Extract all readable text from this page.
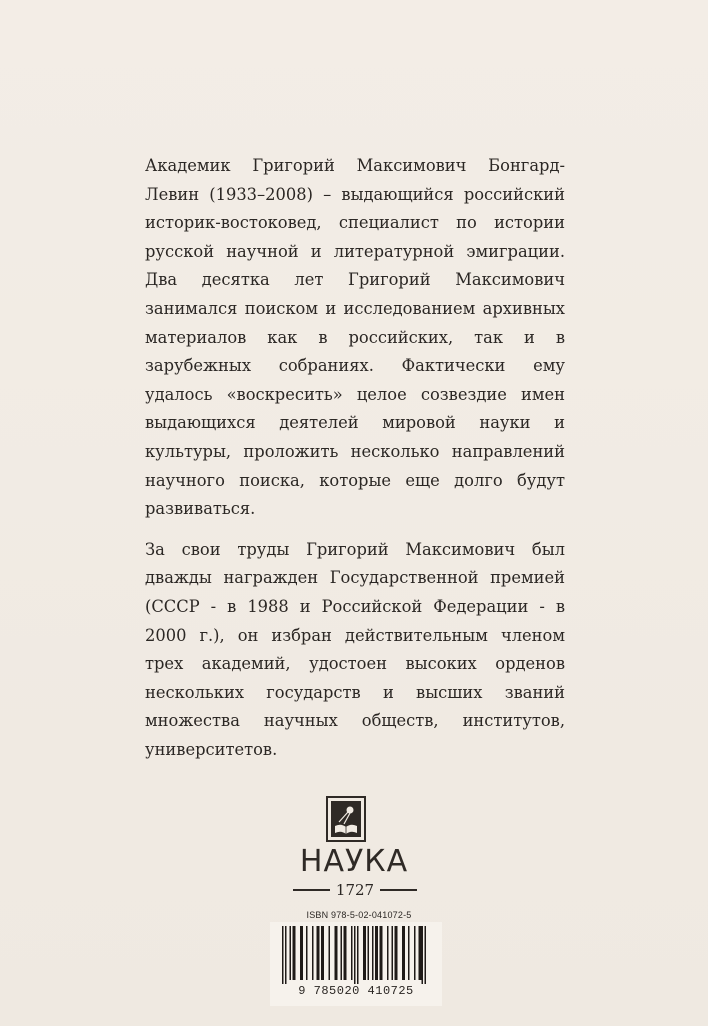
Академик Григорий Максимович Бонгард-Левин (1933–2008) – выдающийся российский историк-востоковед, специалист по истории русской научной и литературной эмиграции. Два десятка лет Григорий Максимович занимался поиском и исследованием архивных материалов как в российских, так и в зарубежных собраниях. Фактически ему удалось «воскресить» целое созвездие имен выдающихся деятелей мировой науки и культуры, проложить несколько направлений научного поиска, которые еще долго будут развиваться.

За свои труды Григорий Максимович был дважды награжден Государственной премией (СССР - в 1988 и Российской Федерации - в 2000 г.), он избран действительным членом трех академий, удостоен высоких орденов нескольких государств и высших званий множества научных обществ, институтов, университетов.

НАУКА
1727
ISBN 978-5-02-041072-5
9 785020 410725
